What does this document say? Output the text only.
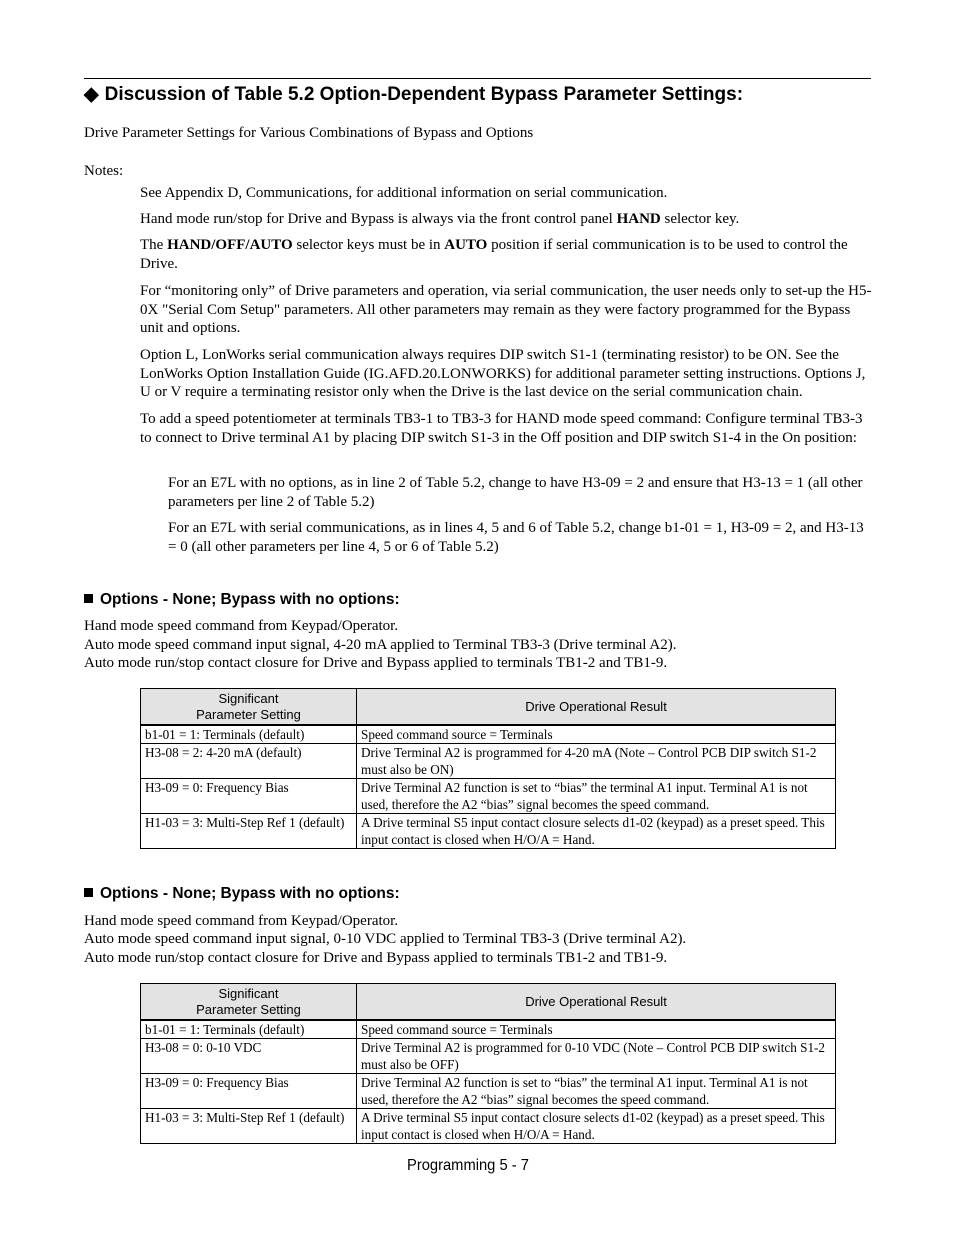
◆ Discussion of Table 5.2 Option-Dependent Bypass Parameter Settings:
Drive Parameter Settings for Various Combinations of Bypass and Options
Notes:
See Appendix D, Communications, for additional information on serial communication.
Hand mode run/stop for Drive and Bypass is always via the front control panel HAND selector key.
The HAND/OFF/AUTO selector keys must be in AUTO position if serial communication is to be used to control the Drive.
For “monitoring only” of Drive parameters and operation, via serial communication, the user needs only to set-up the H5-0X "Serial Com Setup" parameters. All other parameters may remain as they were factory programmed for the Bypass unit and options.
Option L, LonWorks serial communication always requires DIP switch S1-1 (terminating resistor) to be ON. See the LonWorks Option Installation Guide (IG.AFD.20.LONWORKS) for additional parameter setting instructions. Options J, U or V require a terminating resistor only when the Drive is the last device on the serial communication chain.
To add a speed potentiometer at terminals TB3-1 to TB3-3 for HAND mode speed command: Configure terminal TB3-3 to connect to Drive terminal A1 by placing DIP switch S1-3 in the Off position and DIP switch S1-4 in the On position:
For an E7L with no options, as in line 2 of Table 5.2, change to have H3-09 = 2 and ensure that H3-13 = 1 (all other parameters per line 2 of Table 5.2)
For an E7L with serial communications, as in lines 4, 5 and 6 of Table 5.2, change b1-01 = 1, H3-09 = 2, and H3-13 = 0 (all other parameters per line 4, 5 or 6 of Table 5.2)
Options - None; Bypass with no options:
Hand mode speed command from Keypad/Operator.
Auto mode speed command input signal, 4-20 mA applied to Terminal TB3-3 (Drive terminal A2).
Auto mode run/stop contact closure for Drive and Bypass applied to terminals TB1-2 and TB1-9.
Significant
Parameter Setting	Drive Operational Result
b1-01 = 1: Terminals (default)	Speed command source = Terminals
H3-08 = 2: 4-20 mA (default)	Drive Terminal A2 is programmed for 4-20 mA (Note – Control PCB DIP switch S1-2 must also be ON)
H3-09 = 0: Frequency Bias	Drive Terminal A2 function is set to “bias” the terminal A1 input. Terminal A1 is not used, therefore the A2 “bias” signal becomes the speed command.
H1-03 = 3: Multi-Step Ref 1 (default)	A Drive terminal S5 input contact closure selects d1-02 (keypad) as a preset speed. This input contact is closed when H/O/A = Hand.
Options - None; Bypass with no options:
Hand mode speed command from Keypad/Operator.
Auto mode speed command input signal, 0-10 VDC applied to Terminal TB3-3 (Drive terminal A2).
Auto mode run/stop contact closure for Drive and Bypass applied to terminals TB1-2 and TB1-9.
Significant
Parameter Setting	Drive Operational Result
b1-01 = 1: Terminals (default)	Speed command source = Terminals
H3-08 = 0: 0-10 VDC	Drive Terminal A2 is programmed for 0-10 VDC (Note – Control PCB DIP switch S1-2 must also be OFF)
H3-09 = 0: Frequency Bias	Drive Terminal A2 function is set to “bias” the terminal A1 input. Terminal A1 is not used, therefore the A2 “bias” signal becomes the speed command.
H1-03 = 3: Multi-Step Ref 1 (default)	A Drive terminal S5 input contact closure selects d1-02 (keypad) as a preset speed. This input contact is closed when H/O/A = Hand.
Programming 5 - 7
